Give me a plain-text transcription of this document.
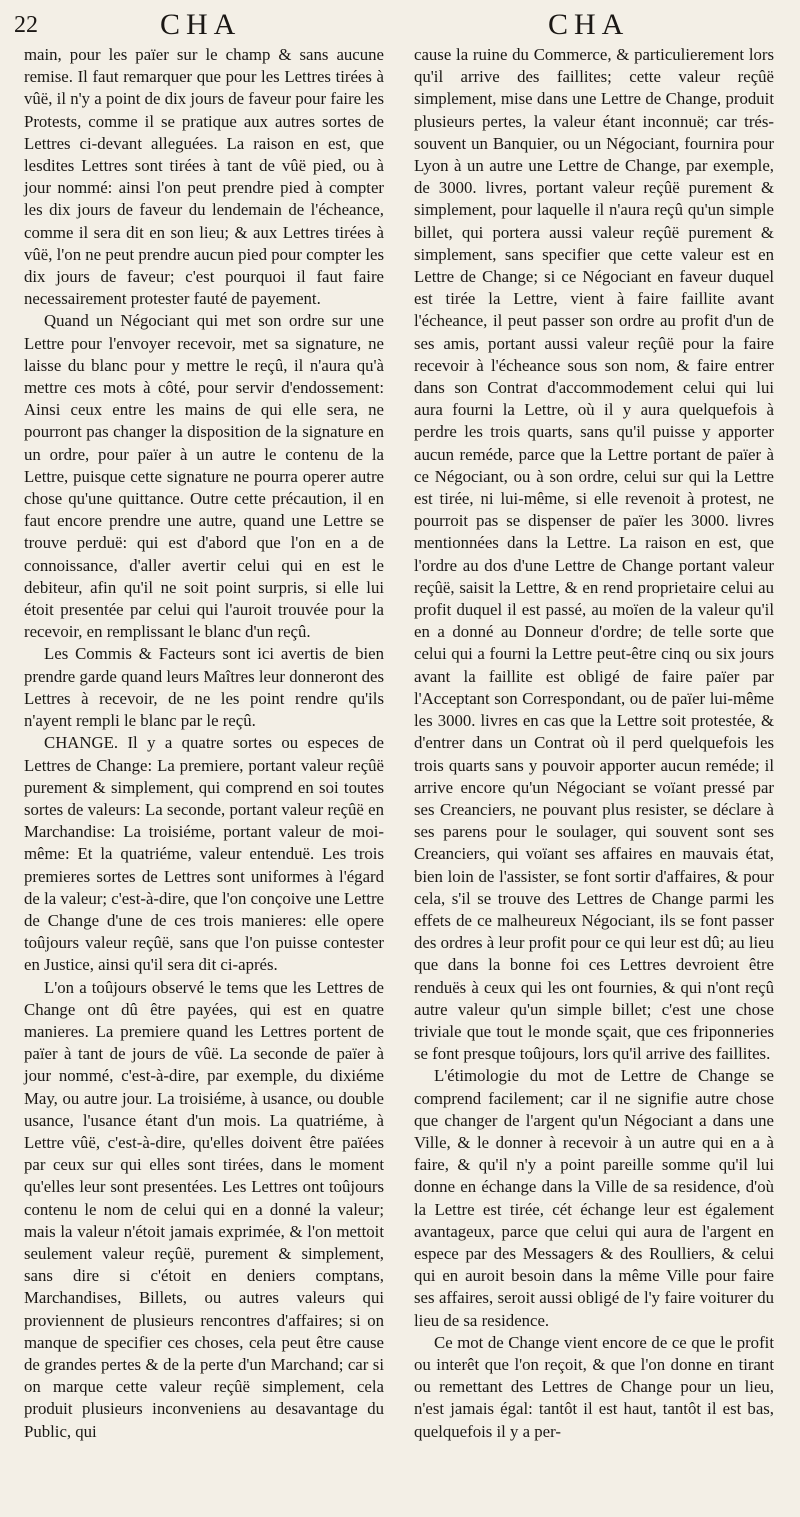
22	CHA	CHA

main, pour les païer sur le champ & sans aucune remise. Il faut remarquer que pour les Lettres tirées à vûë, il n'y a point de dix jours de faveur pour faire les Protests, comme il se pratique aux autres sortes de Lettres ci-devant alleguées. La raison en est, que lesdites Lettres sont tirées à tant de vûë pied, ou à jour nommé: ainsi l'on peut prendre pied à compter les dix jours de faveur du lendemain de l'écheance, comme il sera dit en son lieu; & aux Lettres tirées à vûë, l'on ne peut prendre aucun pied pour compter les dix jours de faveur; c'est pourquoi il faut faire necessairement protester fauté de payement.

Quand un Négociant qui met son ordre sur une Lettre pour l'envoyer recevoir, met sa signature, ne laisse du blanc pour y mettre le reçû, il n'aura qu'à mettre ces mots à côté, pour servir d'endossement: Ainsi ceux entre les mains de qui elle sera, ne pourront pas changer la disposition de la signature en un ordre, pour païer à un autre le contenu de la Lettre, puisque cette signature ne pourra operer autre chose qu'une quittance. Outre cette précaution, il en faut encore prendre une autre, quand une Lettre se trouve perduë: qui est d'abord que l'on en a de connoissance, d'aller avertir celui qui en est le debiteur, afin qu'il ne soit point surpris, si elle lui étoit presentée par celui qui l'auroit trouvée pour la recevoir, en remplissant le blanc d'un reçû.

Les Commis & Facteurs sont ici avertis de bien prendre garde quand leurs Maîtres leur donneront des Lettres à recevoir, de ne les point rendre qu'ils n'ayent rempli le blanc par le reçû.

CHANGE. Il y a quatre sortes ou especes de Lettres de Change: La premiere, portant valeur reçûë purement & simplement, qui comprend en soi toutes sortes de valeurs: La seconde, portant valeur reçûë en Marchandise: La troisiéme, portant valeur de moi-même: Et la quatriéme, valeur entenduë. Les trois premieres sortes de Lettres sont uniformes à l'égard de la valeur; c'est-à-dire, que l'on conçoive une Lettre de Change d'une de ces trois manieres: elle opere toûjours valeur reçûë, sans que l'on puisse contester en Justice, ainsi qu'il sera dit ci-aprés.

L'on a toûjours observé le tems que les Lettres de Change ont dû être payées, qui est en quatre manieres. La premiere quand les Lettres portent de païer à tant de jours de vûë. La seconde de païer à jour nommé, c'est-à-dire, par exemple, du dixiéme May, ou autre jour. La troisiéme, à usance, ou double usance, l'usance étant d'un mois. La quatriéme, à Lettre vûë, c'est-à-dire, qu'elles doivent être païées par ceux sur qui elles sont tirées, dans le moment qu'elles leur sont presentées. Les Lettres ont toûjours contenu le nom de celui qui en a donné la valeur; mais la valeur n'étoit jamais exprimée, & l'on mettoit seulement valeur reçûë, purement & simplement, sans dire si c'étoit en deniers comptans, Marchandises, Billets, ou autres valeurs qui proviennent de plusieurs rencontres d'affaires; si on manque de specifier ces choses, cela peut être cause de grandes pertes & de la perte d'un Marchand; car si on marque cette valeur reçûë simplement, cela produit plusieurs inconveniens au desavantage du Public, qui

cause la ruine du Commerce, & particulierement lors qu'il arrive des faillites; cette valeur reçûë simplement, mise dans une Lettre de Change, produit plusieurs pertes, la valeur étant inconnuë; car trés-souvent un Banquier, ou un Négociant, fournira pour Lyon à un autre une Lettre de Change, par exemple, de 3000. livres, portant valeur reçûë purement & simplement, pour laquelle il n'aura reçû qu'un simple billet, qui portera aussi valeur reçûë purement & simplement, sans specifier que cette valeur est en Lettre de Change; si ce Négociant en faveur duquel est tirée la Lettre, vient à faire faillite avant l'écheance, il peut passer son ordre au profit d'un de ses amis, portant aussi valeur reçûë pour la faire recevoir à l'écheance sous son nom, & faire entrer dans son Contrat d'accommodement celui qui lui aura fourni la Lettre, où il y aura quelquefois à perdre les trois quarts, sans qu'il puisse y apporter aucun reméde, parce que la Lettre portant de païer à ce Négociant, ou à son ordre, celui sur qui la Lettre est tirée, ni lui-même, si elle revenoit à protest, ne pourroit pas se dispenser de païer les 3000. livres mentionnées dans la Lettre. La raison en est, que l'ordre au dos d'une Lettre de Change portant valeur reçûë, saisit la Lettre, & en rend proprietaire celui au profit duquel il est passé, au moïen de la valeur qu'il en a donné au Donneur d'ordre; de telle sorte que celui qui a fourni la Lettre peut-être cinq ou six jours avant la faillite est obligé de faire païer par l'Acceptant son Correspondant, ou de païer lui-même les 3000. livres en cas que la Lettre soit protestée, & d'entrer dans un Contrat où il perd quelquefois les trois quarts sans y pouvoir apporter aucun reméde; il arrive encore qu'un Négociant se voïant pressé par ses Creanciers, ne pouvant plus resister, se déclare à ses parens pour le soulager, qui souvent sont ses Creanciers, qui voïant ses affaires en mauvais état, bien loin de l'assister, se font sortir d'affaires, & pour cela, s'il se trouve des Lettres de Change parmi les effets de ce malheureux Négociant, ils se font passer des ordres à leur profit pour ce qui leur est dû; au lieu que dans la bonne foi ces Lettres devroient être renduës à ceux qui les ont fournies, & qui n'ont reçû autre valeur qu'un simple billet; c'est une chose triviale que tout le monde sçait, que ces friponneries se font presque toûjours, lors qu'il arrive des faillites.

L'étimologie du mot de Lettre de Change se comprend facilement; car il ne signifie autre chose que changer de l'argent qu'un Négociant a dans une Ville, & le donner à recevoir à un autre qui en a à faire, & qu'il n'y a point pareille somme qu'il lui donne en échange dans la Ville de sa residence, d'où la Lettre est tirée, cét échange leur est également avantageux, parce que celui qui aura de l'argent en espece par des Messagers & des Roulliers, & celui qui en auroit besoin dans la même Ville pour faire ses affaires, seroit aussi obligé de l'y faire voiturer du lieu de sa residence.

Ce mot de Change vient encore de ce que le profit ou interêt que l'on reçoit, & que l'on donne en tirant ou remettant des Lettres de Change pour un lieu, n'est jamais égal: tantôt il est haut, tantôt il est bas, quelquefois il y a per-
